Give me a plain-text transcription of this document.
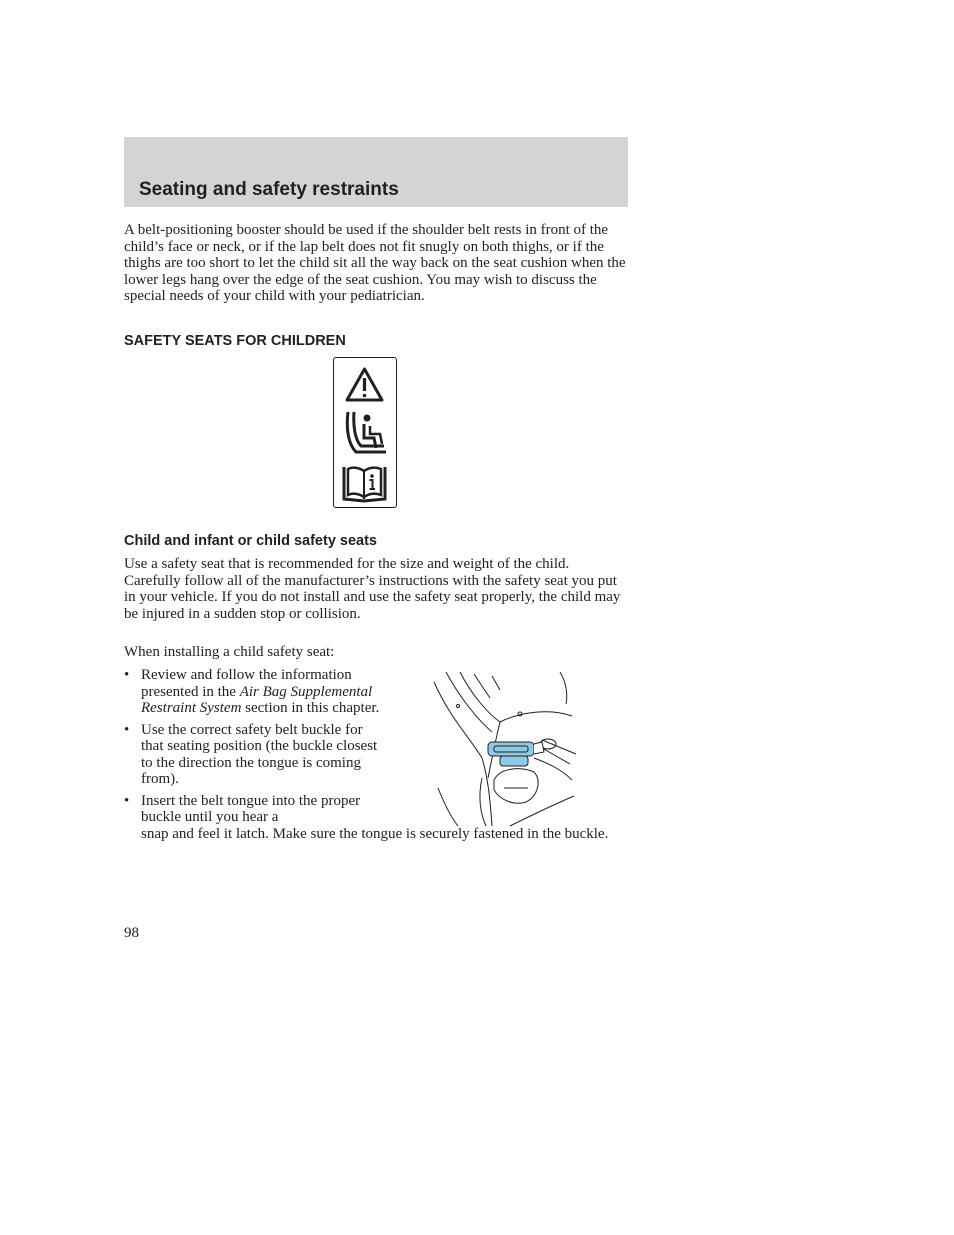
Seating and safety restraints

A belt-positioning booster should be used if the shoulder belt rests in front of the child’s face or neck, or if the lap belt does not fit snugly on both thighs, or if the thighs are too short to let the child sit all the way back on the seat cushion when the lower legs hang over the edge of the seat cushion. You may wish to discuss the special needs of your child with your pediatrician.

SAFETY SEATS FOR CHILDREN
Child and infant or child safety seats

Use a safety seat that is recommended for the size and weight of the child. Carefully follow all of the manufacturer’s instructions with the safety seat you put in your vehicle. If you do not install and use the safety seat properly, the child may be injured in a sudden stop or collision.

When installing a child safety seat:

• Review and follow the information presented in the Air Bag Supplemental Restraint System section in this chapter.
• Use the correct safety belt buckle for that seating position (the buckle closest to the direction the tongue is coming from).
• Insert the belt tongue into the proper buckle until you hear a
snap and feel it latch. Make sure the tongue is securely fastened in the buckle.
98
